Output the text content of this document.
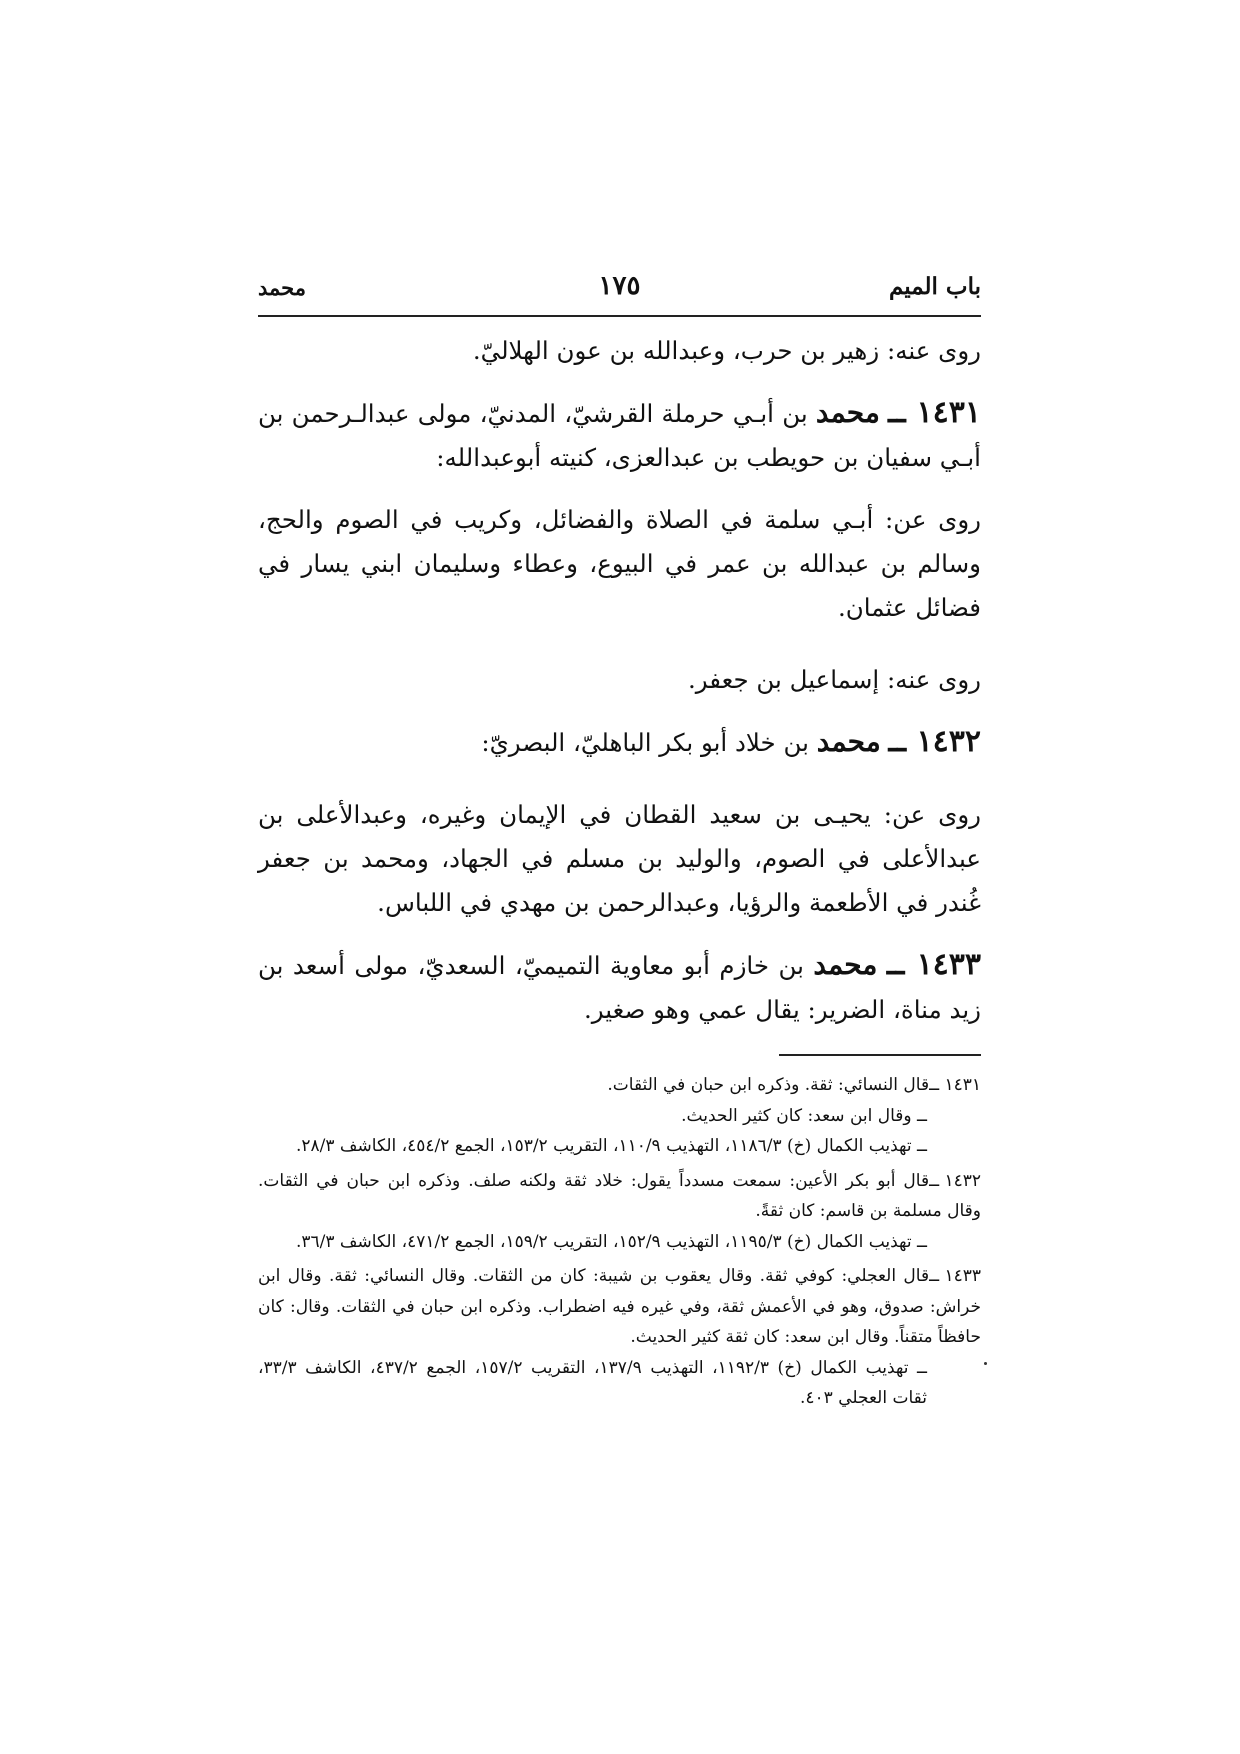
باب الميم
١٧٥
محمد

روى عنه: زهير بن حرب، وعبدالله بن عون الهلاليّ.

١٤٣١ ــ محمد بن أبـي حرملة القرشيّ، المدنيّ، مولى عبدالـرحمن بن أبـي سفيان بن حويطب بن عبدالعزى، كنيته أبوعبدالله:

روى عن: أبـي سلمة في الصلاة والفضائل، وكريب في الصوم والحج، وسالم بن عبدالله بن عمر في البيوع، وعطاء وسليمان ابني يسار في فضائل عثمان.

روى عنه: إسماعيل بن جعفر.

١٤٣٢ ــ محمد بن خلاد أبو بكر الباهليّ، البصريّ:

روى عن: يحيـى بن سعيد القطان في الإيمان وغيره، وعبدالأعلى بن عبدالأعلى في الصوم، والوليد بن مسلم في الجهاد، ومحمد بن جعفر غُندر في الأطعمة والرؤيا، وعبدالرحمن بن مهدي في اللباس.

١٤٣٣ ــ محمد بن خازم أبو معاوية التميميّ، السعديّ، مولى أسعد بن زيد مناة، الضرير: يقال عمي وهو صغير.

١٤٣١ ــقال النسائي: ثقة. وذكره ابن حبان في الثقات.

ــ وقال ابن سعد: كان كثير الحديث.

ــ تهذيب الكمال (خ) ١١٨٦/٣، التهذيب ١١٠/٩، التقريب ١٥٣/٢، الجمع ٤٥٤/٢، الكاشف ٢٨/٣.

١٤٣٢ ــقال أبو بكر الأعين: سمعت مسدداً يقول: خلاد ثقة ولكنه صلف. وذكره ابن حبان في الثقات. وقال مسلمة بن قاسم: كان ثقةً.

ــ تهذيب الكمال (خ) ١١٩٥/٣، التهذيب ١٥٢/٩، التقريب ١٥٩/٢، الجمع ٤٧١/٢، الكاشف ٣٦/٣.

١٤٣٣ ــقال العجلي: كوفي ثقة. وقال يعقوب بن شيبة: كان من الثقات. وقال النسائي: ثقة. وقال ابن خراش: صدوق، وهو في الأعمش ثقة، وفي غيره فيه اضطراب. وذكره ابن حبان في الثقات. وقال: كان حافظاً متقناً. وقال ابن سعد: كان ثقة كثير الحديث.

ــ تهذيب الكمال (خ) ١١٩٢/٣، التهذيب ١٣٧/٩، التقريب ١٥٧/٢، الجمع ٤٣٧/٢، الكاشف ٣٣/٣، ثقات العجلي ٤٠٣.
